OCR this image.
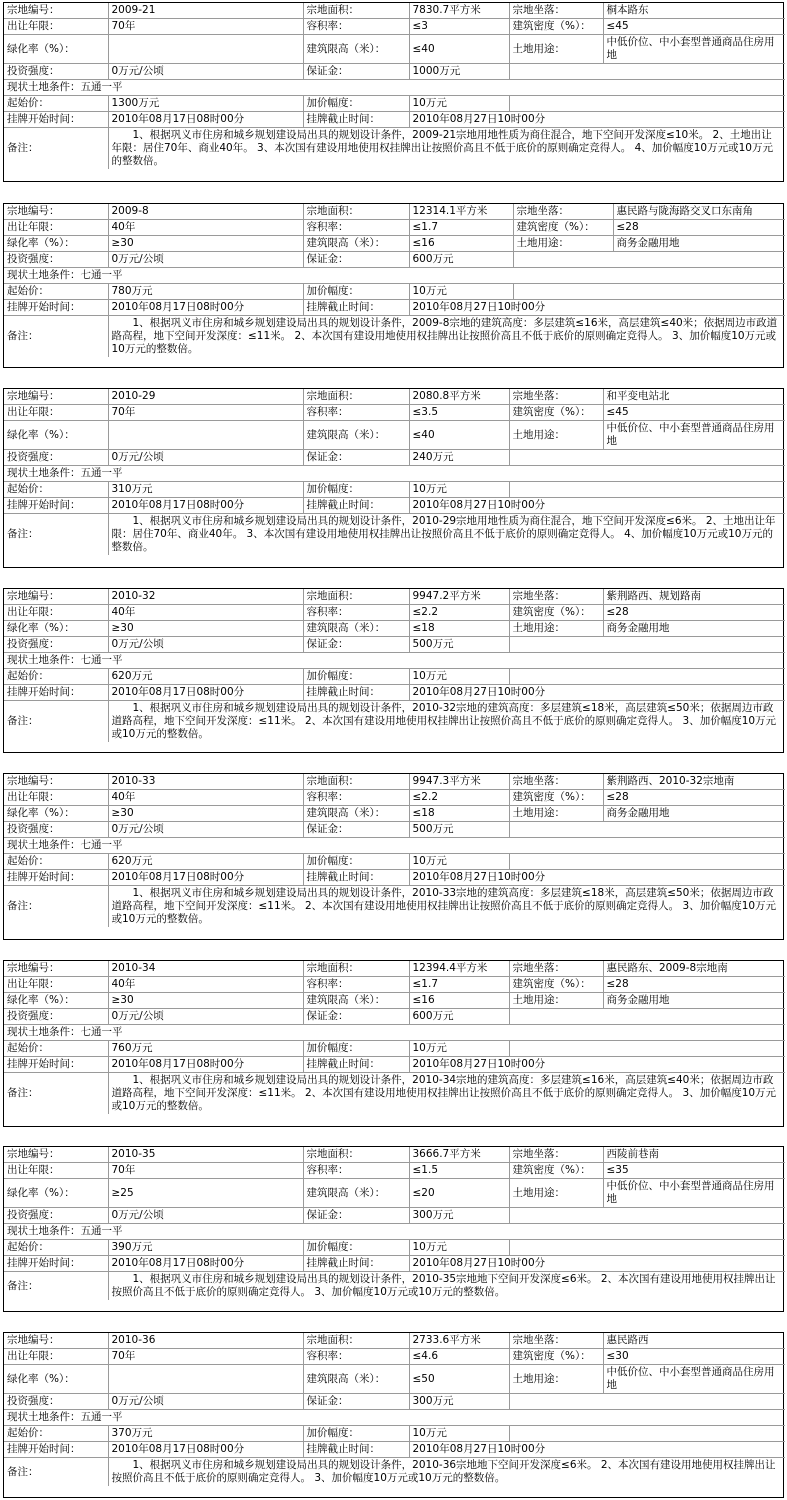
宗地编号：	2009-21	宗地面积：	7830.7平方米	宗地坐落：	桐本路东
出让年限：	70年	容积率：	≤3	建筑密度（%）：	≤45
绿化率（%）：		建筑限高（米）：	≤40	土地用途：	中低价位、中小套型普通商品住房用地
投资强度：	0万元/公顷	保证金：	1000万元		
现状土地条件：五通一平					
起始价：	1300万元	加价幅度：	10万元		
挂牌开始时间：	2010年08月17日08时00分	挂牌截止时间：	2010年08月27日10时00分		
备注：	1、根据巩义市住房和城乡规划建设局出具的规划设计条件，2009-21宗地用地性质为商住混合，地下空间开发深度≤10米。 2、土地出让年限：居住70年、商业40年。 3、本次国有建设用地使用权挂牌出让按照价高且不低于底价的原则确定竞得人。 4、加价幅度10万元或10万元的整数倍。				
宗地编号：	2009-8	宗地面积：	12314.1平方米	宗地坐落：	惠民路与陇海路交叉口东南角
出让年限：	40年	容积率：	≤1.7	建筑密度（%）：	≤28
绿化率（%）：	≥30	建筑限高（米）：	≤16	土地用途：	商务金融用地
投资强度：	0万元/公顷	保证金：	600万元		
现状土地条件：七通一平					
起始价：	780万元	加价幅度：	10万元		
挂牌开始时间：	2010年08月17日08时00分	挂牌截止时间：	2010年08月27日10时00分		
备注：	1、根据巩义市住房和城乡规划建设局出具的规划设计条件，2009-8宗地的建筑高度：多层建筑≤16米，高层建筑≤40米；依据周边市政道路高程，地下空间开发深度：≤11米。 2、本次国有建设用地使用权挂牌出让按照价高且不低于底价的原则确定竞得人。 3、加价幅度10万元或10万元的整数倍。				
宗地编号：	2010-29	宗地面积：	2080.8平方米	宗地坐落：	和平变电站北
出让年限：	70年	容积率：	≤3.5	建筑密度（%）：	≤45
绿化率（%）：		建筑限高（米）：	≤40	土地用途：	中低价位、中小套型普通商品住房用地
投资强度：	0万元/公顷	保证金：	240万元		
现状土地条件：五通一平					
起始价：	310万元	加价幅度：	10万元		
挂牌开始时间：	2010年08月17日08时00分	挂牌截止时间：	2010年08月27日10时00分		
备注：	1、根据巩义市住房和城乡规划建设局出具的规划设计条件，2010-29宗地用地性质为商住混合，地下空间开发深度≤6米。 2、土地出让年限：居住70年、商业40年。 3、本次国有建设用地使用权挂牌出让按照价高且不低于底价的原则确定竞得人。 4、加价幅度10万元或10万元的整数倍。				
宗地编号：	2010-32	宗地面积：	9947.2平方米	宗地坐落：	紫荆路西、规划路南
出让年限：	40年	容积率：	≤2.2	建筑密度（%）：	≤28
绿化率（%）：	≥30	建筑限高（米）：	≤18	土地用途：	商务金融用地
投资强度：	0万元/公顷	保证金：	500万元		
现状土地条件：七通一平					
起始价：	620万元	加价幅度：	10万元		
挂牌开始时间：	2010年08月17日08时00分	挂牌截止时间：	2010年08月27日10时00分		
备注：	1、根据巩义市住房和城乡规划建设局出具的规划设计条件，2010-32宗地的建筑高度：多层建筑≤18米，高层建筑≤50米；依据周边市政道路高程，地下空间开发深度：≤11米。 2、本次国有建设用地使用权挂牌出让按照价高且不低于底价的原则确定竞得人。 3、加价幅度10万元或10万元的整数倍。				
宗地编号：	2010-33	宗地面积：	9947.3平方米	宗地坐落：	紫荆路西、2010-32宗地南
出让年限：	40年	容积率：	≤2.2	建筑密度（%）：	≤28
绿化率（%）：	≥30	建筑限高（米）：	≤18	土地用途：	商务金融用地
投资强度：	0万元/公顷	保证金：	500万元		
现状土地条件：七通一平					
起始价：	620万元	加价幅度：	10万元		
挂牌开始时间：	2010年08月17日08时00分	挂牌截止时间：	2010年08月27日10时00分		
备注：	1、根据巩义市住房和城乡规划建设局出具的规划设计条件，2010-33宗地的建筑高度：多层建筑≤18米，高层建筑≤50米；依据周边市政道路高程，地下空间开发深度：≤11米。 2、本次国有建设用地使用权挂牌出让按照价高且不低于底价的原则确定竞得人。 3、加价幅度10万元或10万元的整数倍。				
宗地编号：	2010-34	宗地面积：	12394.4平方米	宗地坐落：	惠民路东、2009-8宗地南
出让年限：	40年	容积率：	≤1.7	建筑密度（%）：	≤28
绿化率（%）：	≥30	建筑限高（米）：	≤16	土地用途：	商务金融用地
投资强度：	0万元/公顷	保证金：	600万元		
现状土地条件：七通一平					
起始价：	760万元	加价幅度：	10万元		
挂牌开始时间：	2010年08月17日08时00分	挂牌截止时间：	2010年08月27日10时00分		
备注：	1、根据巩义市住房和城乡规划建设局出具的规划设计条件，2010-34宗地的建筑高度：多层建筑≤16米，高层建筑≤40米；依据周边市政道路高程，地下空间开发深度：≤11米。 2、本次国有建设用地使用权挂牌出让按照价高且不低于底价的原则确定竞得人。 3、加价幅度10万元或10万元的整数倍。				
宗地编号：	2010-35	宗地面积：	3666.7平方米	宗地坐落：	西陵前巷南
出让年限：	70年	容积率：	≤1.5	建筑密度（%）：	≤35
绿化率（%）：	≥25	建筑限高（米）：	≤20	土地用途：	中低价位、中小套型普通商品住房用地
投资强度：	0万元/公顷	保证金：	300万元		
现状土地条件：五通一平					
起始价：	390万元	加价幅度：	10万元		
挂牌开始时间：	2010年08月17日08时00分	挂牌截止时间：	2010年08月27日10时00分		
备注：	1、根据巩义市住房和城乡规划建设局出具的规划设计条件，2010-35宗地地下空间开发深度≤6米。 2、本次国有建设用地使用权挂牌出让按照价高且不低于底价的原则确定竞得人。 3、加价幅度10万元或10万元的整数倍。				
宗地编号：	2010-36	宗地面积：	2733.6平方米	宗地坐落：	惠民路西
出让年限：	70年	容积率：	≤4.6	建筑密度（%）：	≤30
绿化率（%）：		建筑限高（米）：	≤50	土地用途：	中低价位、中小套型普通商品住房用地
投资强度：	0万元/公顷	保证金：	300万元		
现状土地条件：五通一平					
起始价：	370万元	加价幅度：	10万元		
挂牌开始时间：	2010年08月17日08时00分	挂牌截止时间：	2010年08月27日10时00分		
备注：	1、根据巩义市住房和城乡规划建设局出具的规划设计条件，2010-36宗地地下空间开发深度≤6米。 2、本次国有建设用地使用权挂牌出让按照价高且不低于底价的原则确定竞得人。 3、加价幅度10万元或10万元的整数倍。				
